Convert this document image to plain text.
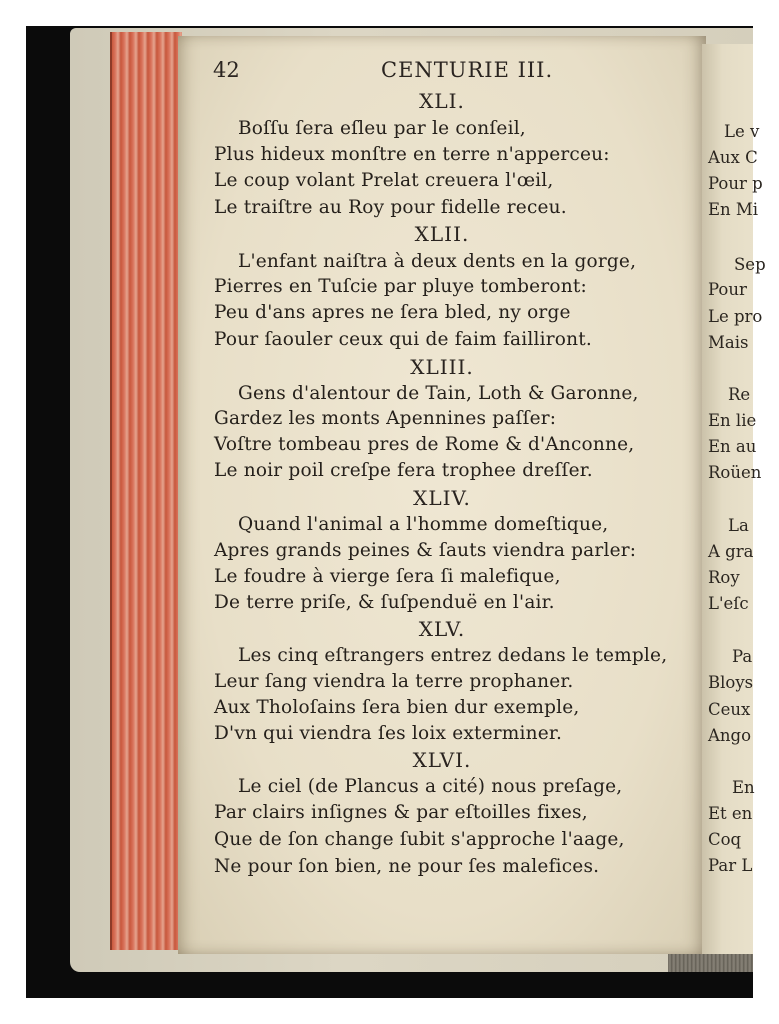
42	CENTURIE III.
XLI.
Boſſu ſera eſleu par le conſeil,
Plus hideux monſtre en terre n'apperceu:
Le coup volant Prelat creuera l'œil,
Le traiſtre au Roy pour fidelle receu.
XLII.
L'enfant naiſtra à deux dents en la gorge,
Pierres en Tuſcie par pluye tomberont:
Peu d'ans apres ne ſera bled, ny orge
Pour ſaouler ceux qui de faim failliront.
XLIII.
Gens d'alentour de Tain, Loth & Garonne,
Gardez les monts Apennines paſſer:
Voſtre tombeau pres de Rome & d'Anconne,
Le noir poil creſpe fera trophee dreſſer.
XLIV.
Quand l'animal a l'homme domeſtique,
Apres grands peines & ſauts viendra parler:
Le foudre à vierge ſera ſi malefique,
De terre priſe, & ſuſpenduë en l'air.
XLV.
Les cinq eſtrangers entrez dedans le temple,
Leur ſang viendra la terre prophaner.
Aux Tholoſains ſera bien dur exemple,
D'vn qui viendra ſes loix exterminer.
XLVI.
Le ciel (de Plancus a cité) nous preſage,
Par clairs inſignes & par eſtoilles fixes,
Que de ſon change ſubit s'approche l'aage,
Ne pour ſon bien, ne pour ſes malefices.
Le v
Aux C
Pour p
En Mi
Sep
Pour
Le pro
Mais
Re
En lie
En au
Roüen
La
A gra
Roy
L'eſc
Pa
Bloys
Ceux
Ango
En
Et en
Coq
Par L
